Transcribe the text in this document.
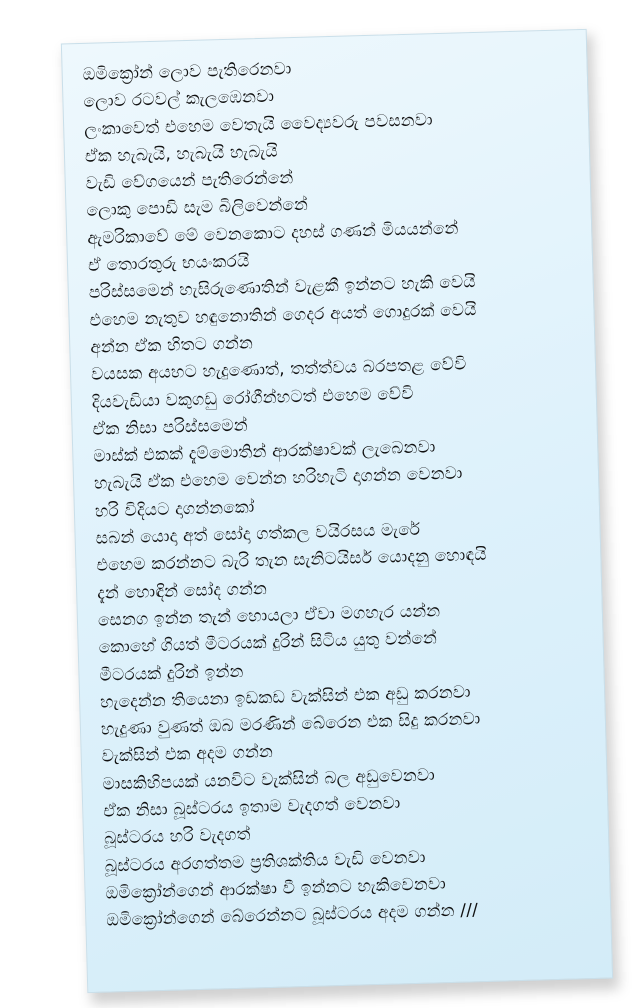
ඔමික්‍රෝන් ලොව පැතිරෙනවා
ලොව රටවල් කැලඹෙනවා
ලංකාවෙත් එහෙම වෙතැයි වෛද්‍යවරු පවසනවා
ඒක හැබැයි, හැබැයි හැබැයි
වැඩි වේගයෙන් පැතිරෙන්නේ
ලොකු පොඩි සැම බිලිවෙන්නේ
ඇමරිකාවේ මේ වෙනකොට දහස් ගණන් මියයන්නේ
ඒ තොරතුරු භයංකරයි
පරිස්සමෙන් හැසිරුණොතින් වැළකී ඉන්නට හැකි වෙයි
එහෙම නැතුව හඳුනොතින් ගෙදර අයත් ගොදුරක් වෙයි
අන්න ඒක හිතට ගන්න
වයසක අයහට හැදුණොත්, තත්ත්වය බරපතළ වේවි
දියවැඩියා වකුගඩු රෝගීන්හටත් එහෙම වේවි
ඒක නිසා පරිස්සමෙන්
මාස්ක් එකක් දැම්මොතින් ආරක්ෂාවක් ලැබෙනවා
හැබැයි ඒක එහෙම වෙන්න හරිහැටි දාගන්න වෙනවා
හරි විදියට දාගන්නකෝ
සබන් යොදා අත් සෝදා ගත්කල වයිරසය මැරේ
එහෙම කරන්නට බැරි තැන සැනිටයිසර් යොදනු හොඳයි
දැන් හොඳින් සෝද ගන්න
සෙනග ඉන්න තැන් හොයලා ඒවා මගහැර යන්න
කොහේ ගියත් මීටරයක් දුරින් සිටිය යුතු වන්නේ
මීටරයක් දුරින් ඉන්න
හැදෙන්න තියෙනා ඉඩකඩ වැක්සින් එක අඩු කරනවා
හැදුණා වුණත් ඔබ මරණින් බේරෙන එක සිදු කරනවා
වැක්සින් එක අදම ගන්න
මාසකිහිපයක් යනවිට වැක්සින් බල අඩුවෙනවා
ඒක නිසා බූස්ටරය ඉතාම වැදගත් වෙනවා
බූස්ටරය හරි වැදගත්
බූස්ටරය අරගත්තම ප්‍රතිශක්තිය වැඩි වෙනවා
ඔමික්‍රෝන්ගෙන් ආරක්ෂා වී ඉන්නට හැකිවෙනවා
ඔමික්‍රෝන්ගෙන් බේරෙන්නට බූස්ටරය අදම ගන්න ///
